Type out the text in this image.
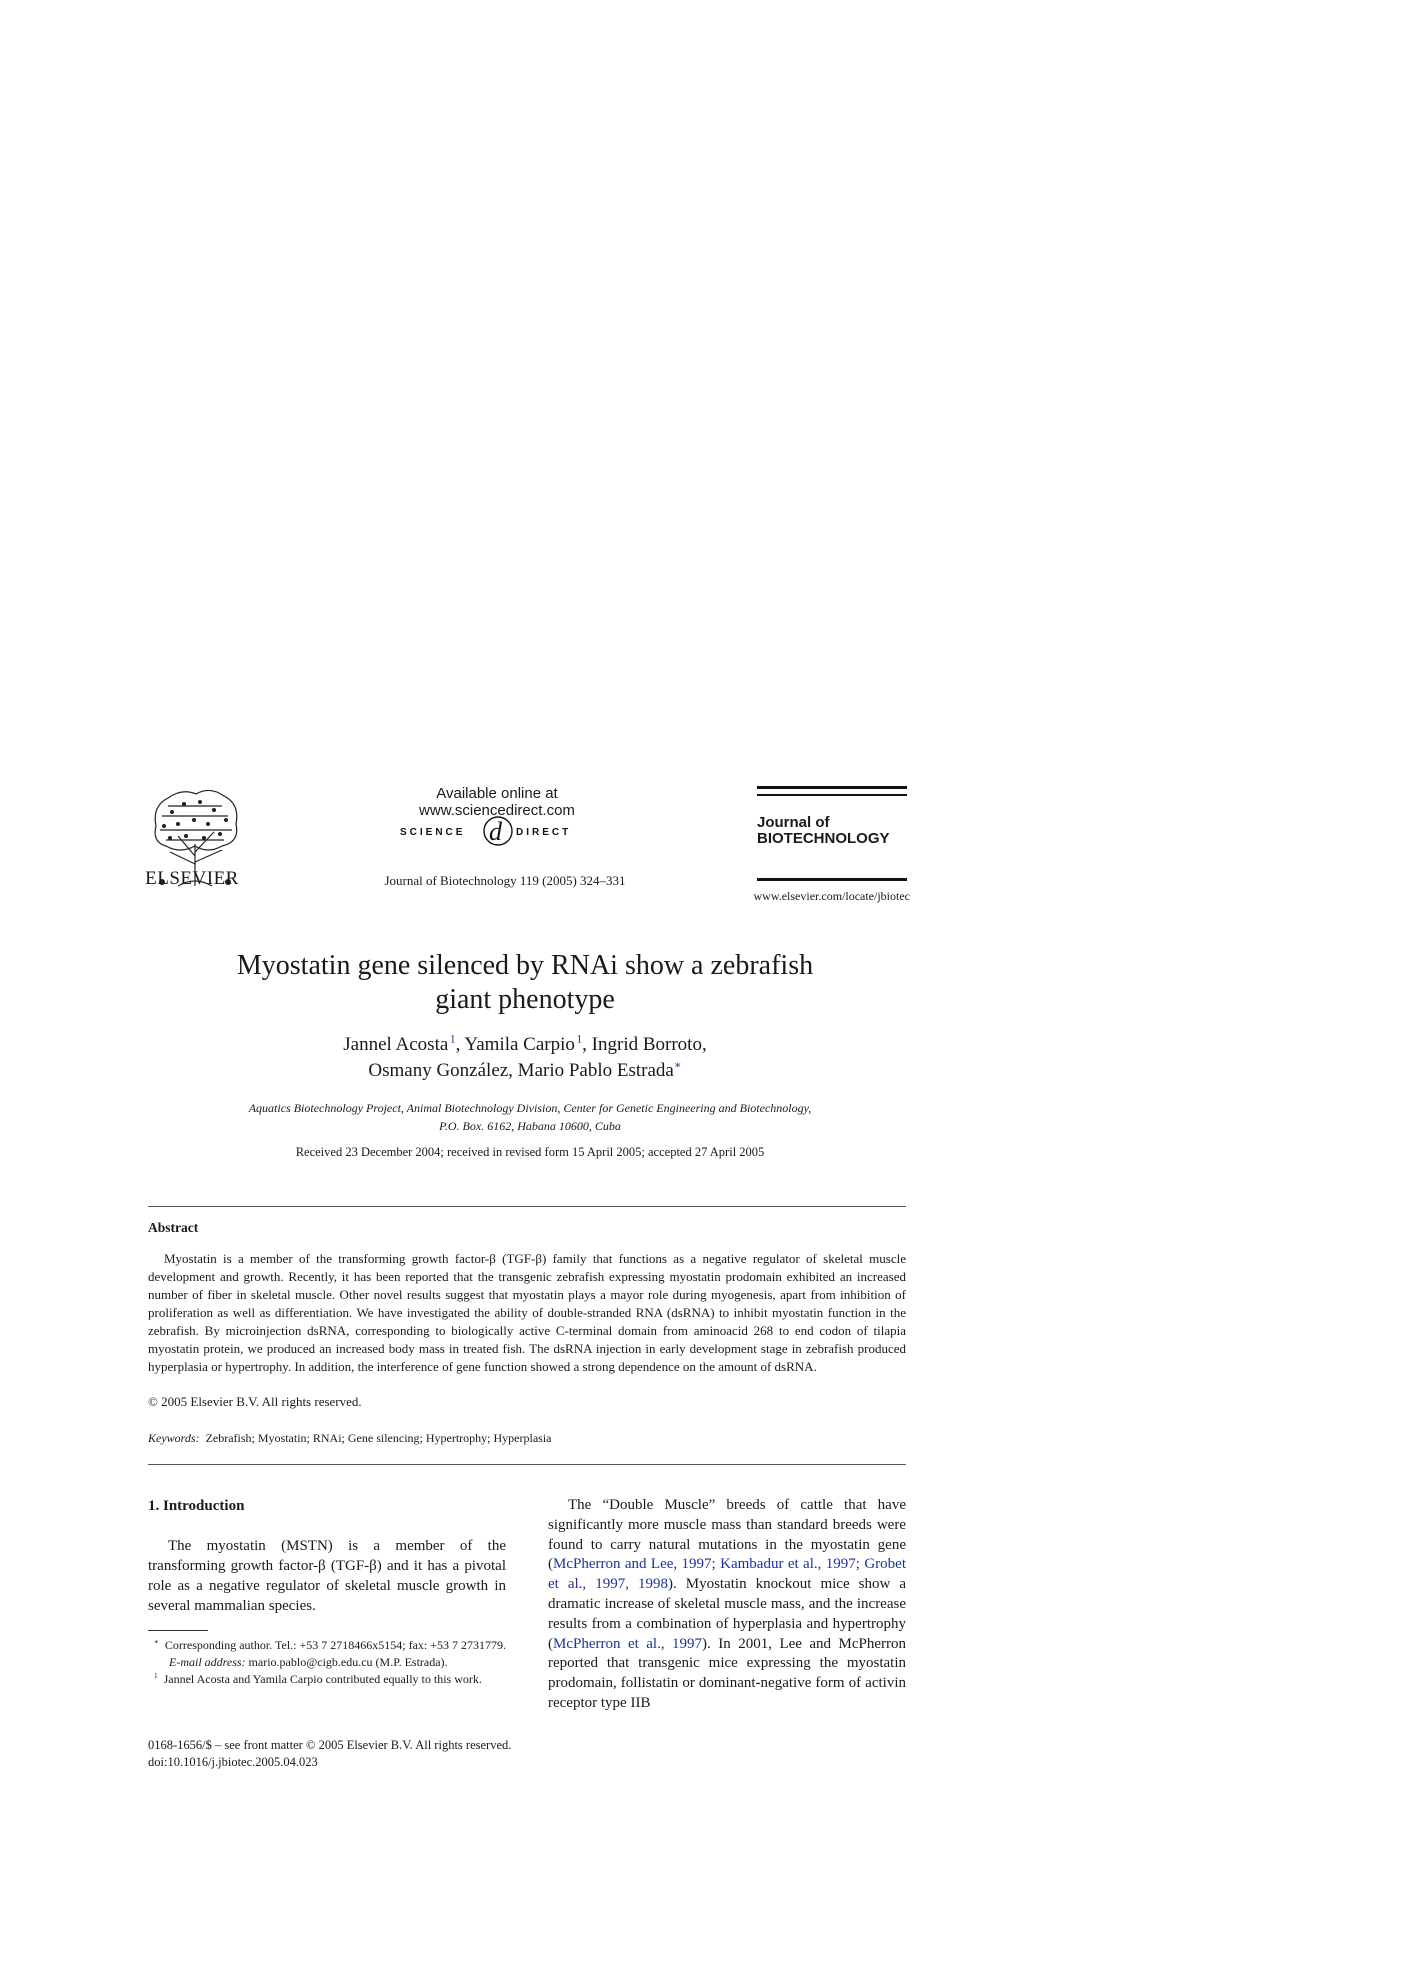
ELSEVIER
Available online at www.sciencedirect.com
SCIENCE d DIRECT
Journal of Biotechnology 119 (2005) 324–331
Journal of
BIOTECHNOLOGY
www.elsevier.com/locate/jbiotec
Myostatin gene silenced by RNAi show a zebrafish
giant phenotype
Jannel Acosta  $^1$, Yamila Carpio  $^1$, Ingrid Borroto,
Osmany González, Mario Pablo Estrada∗
Aquatics Biotechnology Project, Animal Biotechnology Division, Center for Genetic Engineering and Biotechnology,
P.O. Box. 6162, Habana 10600, Cuba
Received 23 December 2004; received in revised form 15 April 2005; accepted 27 April 2005
Abstract
Myostatin is a member of the transforming growth factor-β (TGF-β) family that functions as a negative regulator of skeletal muscle development and growth. Recently, it has been reported that the transgenic zebrafish expressing myostatin prodomain exhibited an increased number of fiber in skeletal muscle. Other novel results suggest that myostatin plays a mayor role during myogenesis, apart from inhibition of proliferation as well as differentiation. We have investigated the ability of double-stranded RNA (dsRNA) to inhibit myostatin function in the zebrafish. By microinjection dsRNA, corresponding to biologically active C-terminal domain from aminoacid 268 to end codon of tilapia myostatin protein, we produced an increased body mass in treated fish. The dsRNA injection in early development stage in zebrafish produced hyperplasia or hypertrophy. In addition, the interference of gene function showed a strong dependence on the amount of dsRNA.
© 2005 Elsevier B.V. All rights reserved.
Keywords: Zebrafish; Myostatin; RNAi; Gene silencing; Hypertrophy; Hyperplasia
1. Introduction
The myostatin (MSTN) is a member of the transforming growth factor-β (TGF-β) and it has a pivotal role as a negative regulator of skeletal muscle growth in several mammalian species.

∗ Corresponding author. Tel.: +53 7 2718466x5154; fax: +53 7 2731779.

E-mail address: mario.pablo@cigb.edu.cu (M.P. Estrada).

$^1$ Jannel Acosta and Yamila Carpio contributed equally to this work.

0168-1656/$ – see front matter © 2005 Elsevier B.V. All rights reserved.
doi:10.1016/j.jbiotec.2005.04.023
The “Double Muscle” breeds of cattle that have significantly more muscle mass than standard breeds were found to carry natural mutations in the myostatin gene (McPherron and Lee, 1997; Kambadur et al., 1997; Grobet et al., 1997, 1998). Myostatin knockout mice show a dramatic increase of skeletal muscle mass, and the increase results from a combination of hyperplasia and hypertrophy (McPherron et al., 1997). In 2001, Lee and McPherron reported that transgenic mice expressing the myostatin prodomain, follistatin or dominant-negative form of activin receptor type IIB
